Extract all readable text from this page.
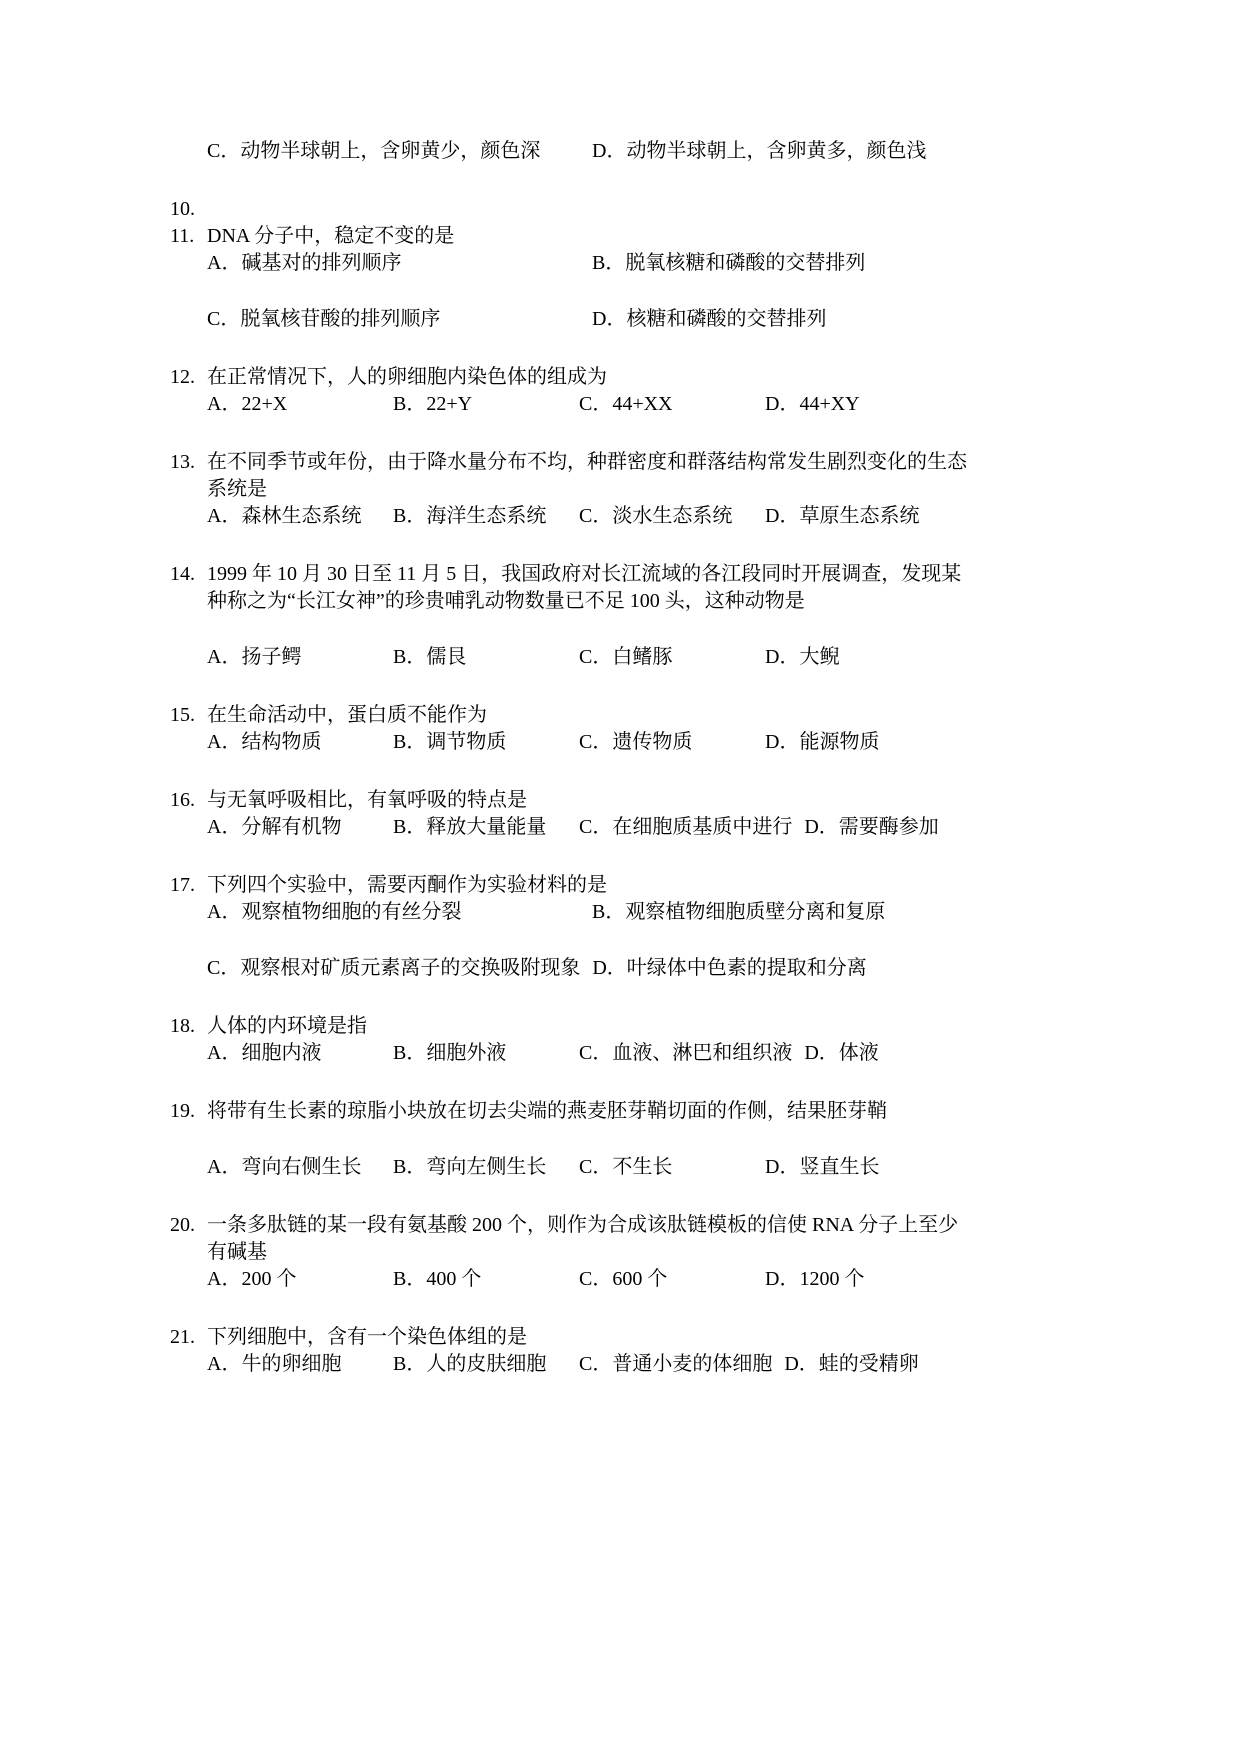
C．动物半球朝上，含卵黄少，颜色深	D．动物半球朝上，含卵黄多，颜色浅
10.
11. DNA 分子中，稳定不变的是
A．碱基对的排列顺序	B．脱氧核糖和磷酸的交替排列
C．脱氧核苷酸的排列顺序	D．核糖和磷酸的交替排列
12. 在正常情况下，人的卵细胞内染色体的组成为
A．22+X	B．22+Y	C．44+XX	D．44+XY
13. 在不同季节或年份，由于降水量分布不均，种群密度和群落结构常发生剧烈变化的生态
系统是
A．森林生态系统	B．海洋生态系统	C．淡水生态系统	D．草原生态系统
14. 1999 年 10 月 30 日至 11 月 5 日，我国政府对长江流域的各江段同时开展调查，发现某
种称之为“长江女神”的珍贵哺乳动物数量已不足 100 头，这种动物是
A．扬子鳄	B．儒艮	C．白鳍豚	D．大鲵
15. 在生命活动中，蛋白质不能作为
A．结构物质	B．调节物质	C．遗传物质	D．能源物质
16. 与无氧呼吸相比，有氧呼吸的特点是
A．分解有机物	B．释放大量能量	C．在细胞质基质中进行 D．需要酶参加
17. 下列四个实验中，需要丙酮作为实验材料的是
A．观察植物细胞的有丝分裂	B．观察植物细胞质壁分离和复原
C．观察根对矿质元素离子的交换吸附现象 D．叶绿体中色素的提取和分离
18. 人体的内环境是指
A．细胞内液	B．细胞外液	C．血液、淋巴和组织液 D．体液
19. 将带有生长素的琼脂小块放在切去尖端的燕麦胚芽鞘切面的作侧，结果胚芽鞘
A．弯向右侧生长	B．弯向左侧生长	C．不生长	D．竖直生长
20. 一条多肽链的某一段有氨基酸 200 个，则作为合成该肽链模板的信使 RNA 分子上至少
有碱基
A．200 个	B．400 个	C．600 个	D．1200 个
21. 下列细胞中，含有一个染色体组的是
A．牛的卵细胞	B．人的皮肤细胞	C．普通小麦的体细胞 D．蛙的受精卵
